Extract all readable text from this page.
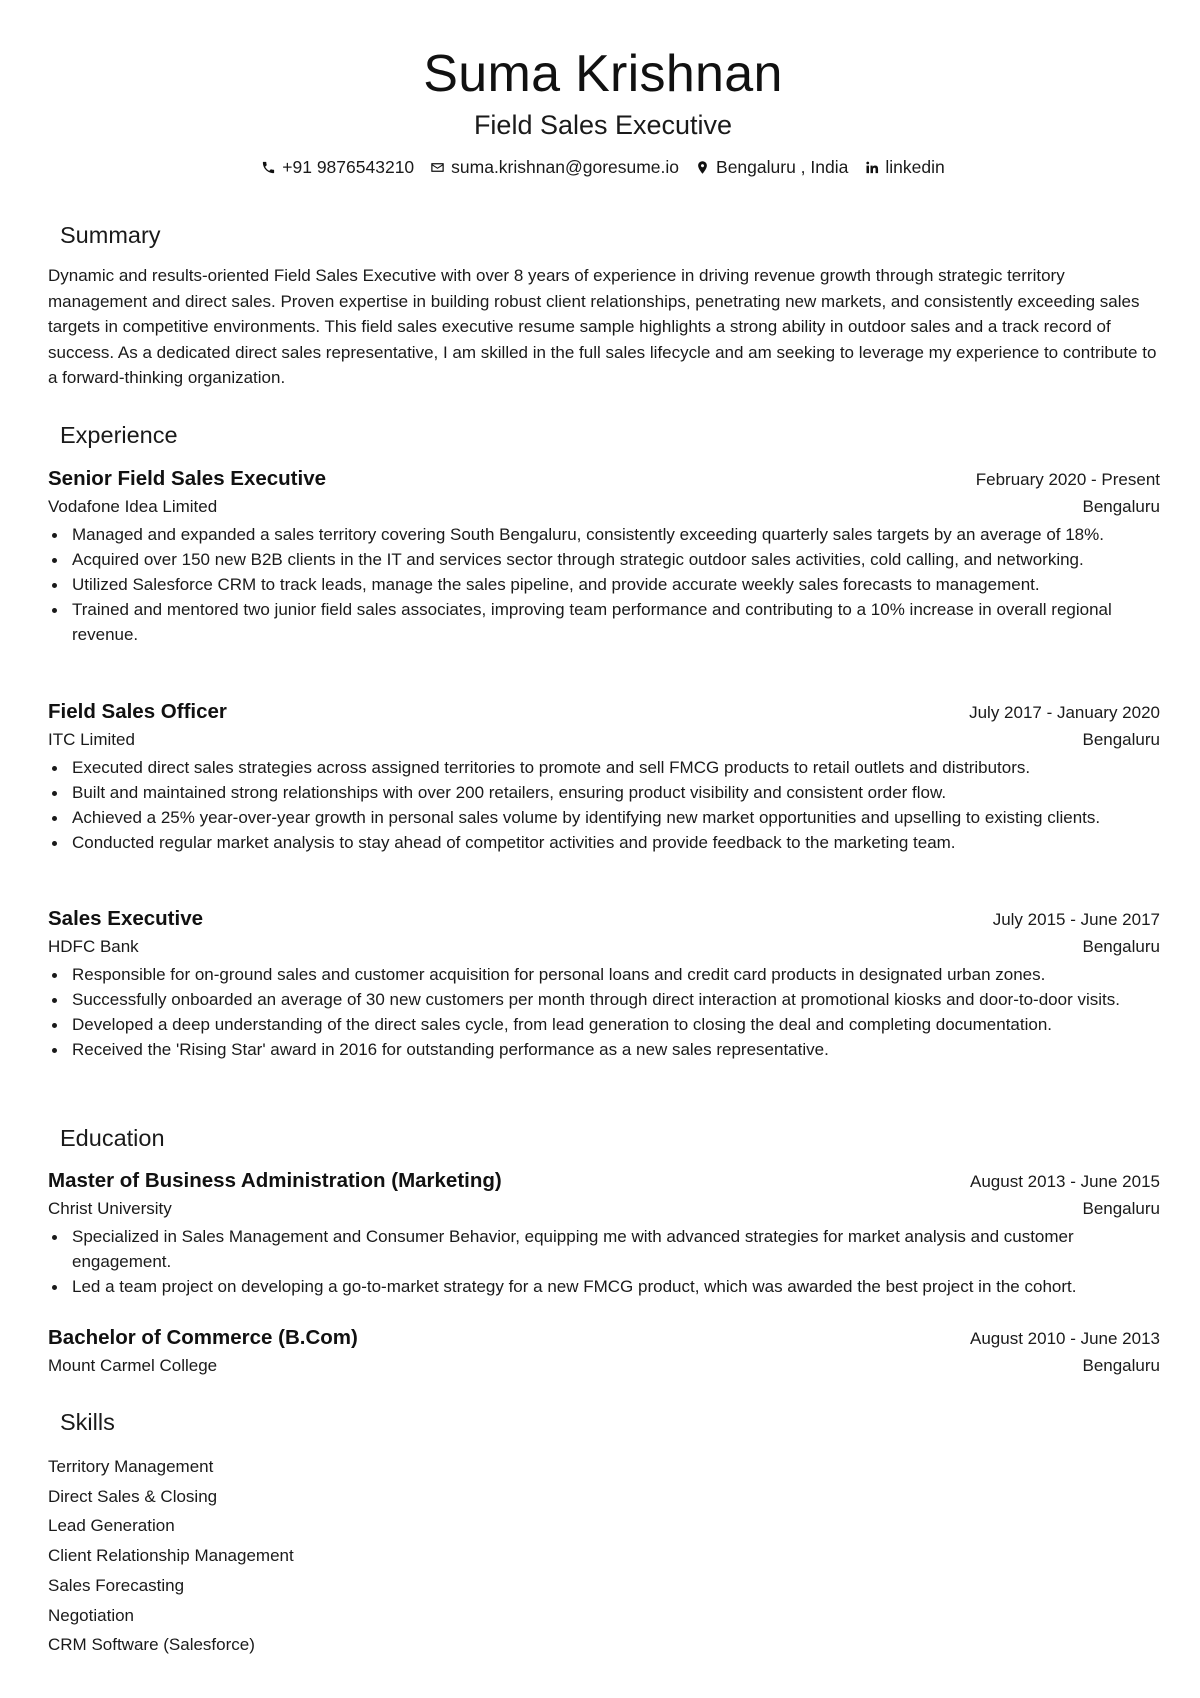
Suma Krishnan
Field Sales Executive
+91 9876543210 suma.krishnan@goresume.io Bengaluru , India linkedin
Summary
Dynamic and results-oriented Field Sales Executive with over 8 years of experience in driving revenue growth through strategic territory management and direct sales. Proven expertise in building robust client relationships, penetrating new markets, and consistently exceeding sales targets in competitive environments. This field sales executive resume sample highlights a strong ability in outdoor sales and a track record of success. As a dedicated direct sales representative, I am skilled in the full sales lifecycle and am seeking to leverage my experience to contribute to a forward-thinking organization.
Experience
Senior Field Sales Executive	February 2020 - Present
Vodafone Idea Limited	Bengaluru
Managed and expanded a sales territory covering South Bengaluru, consistently exceeding quarterly sales targets by an average of 18%.
Acquired over 150 new B2B clients in the IT and services sector through strategic outdoor sales activities, cold calling, and networking.
Utilized Salesforce CRM to track leads, manage the sales pipeline, and provide accurate weekly sales forecasts to management.
Trained and mentored two junior field sales associates, improving team performance and contributing to a 10% increase in overall regional revenue.
Field Sales Officer	July 2017 - January 2020
ITC Limited	Bengaluru
Executed direct sales strategies across assigned territories to promote and sell FMCG products to retail outlets and distributors.
Built and maintained strong relationships with over 200 retailers, ensuring product visibility and consistent order flow.
Achieved a 25% year-over-year growth in personal sales volume by identifying new market opportunities and upselling to existing clients.
Conducted regular market analysis to stay ahead of competitor activities and provide feedback to the marketing team.
Sales Executive	July 2015 - June 2017
HDFC Bank	Bengaluru
Responsible for on-ground sales and customer acquisition for personal loans and credit card products in designated urban zones.
Successfully onboarded an average of 30 new customers per month through direct interaction at promotional kiosks and door-to-door visits.
Developed a deep understanding of the direct sales cycle, from lead generation to closing the deal and completing documentation.
Received the 'Rising Star' award in 2016 for outstanding performance as a new sales representative.
Education
Master of Business Administration (Marketing)	August 2013 - June 2015
Christ University	Bengaluru
Specialized in Sales Management and Consumer Behavior, equipping me with advanced strategies for market analysis and customer engagement.
Led a team project on developing a go-to-market strategy for a new FMCG product, which was awarded the best project in the cohort.
Bachelor of Commerce (B.Com)	August 2010 - June 2013
Mount Carmel College	Bengaluru
Skills
Territory Management
Direct Sales & Closing
Lead Generation
Client Relationship Management
Sales Forecasting
Negotiation
CRM Software (Salesforce)
